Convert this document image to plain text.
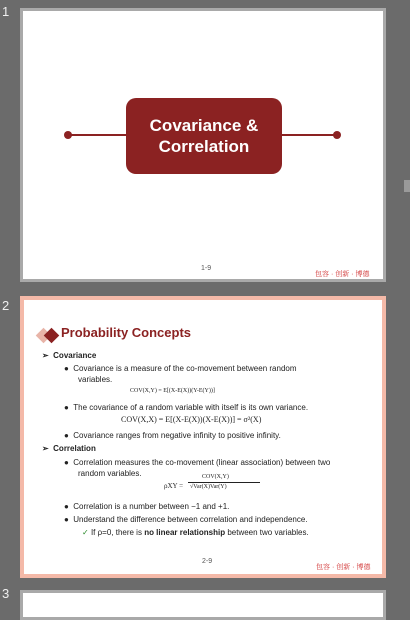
1
2
3
Covariance &
Correlation
1-9
包容 · 创新 · 博德
Probability Concepts
➢  Covariance
●  Covariance is a measure of the co-movement between random
variables.
COV(X,Y) = E[(X-E(X))(Y-E(Y))]
●  The covariance of a random variable with itself is its own variance.
COV(X,X) = E[(X-E(X))(X-E(X))] = σ²(X)
●  Covariance ranges from negative infinity to positive infinity.
➢  Correlation
●  Correlation measures the co-movement (linear association) between two
random variables.
ρXY =
COV(X,Y)
√Var(X)Var(Y)
●  Correlation is a number between −1 and +1.
●  Understand the difference between correlation and independence.
✓ If ρ=0, there is no linear relationship between two variables.
2-9
包容 · 创新 · 博德
